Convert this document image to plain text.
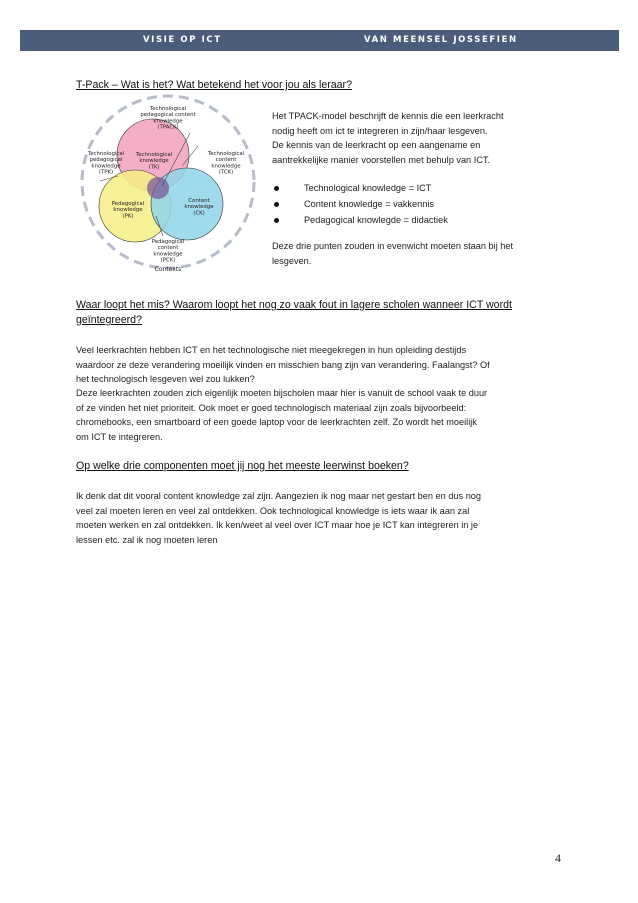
VISIE OP ICT	VAN MEENSEL JOSSEFIEN
T-Pack – Wat is het? Wat betekend het voor jou als leraar?
Technological pedagogical content knowledge (TPACK)
Technological pedagogical knowledge (TPK)
Technological content knowledge (TCK)
Technological knowledge (TK)
Pedagogical knowledge (PK)
Content knowledge (CK)
Pedagogical content knowledge (PCK)
Contexts
Het TPACK-model beschrijft de kennis die een leerkracht
nodig heeft om ict te integreren in zijn/haar lesgeven.
De kennis van de leerkracht op een aangename en
aantrekkelijke manier voorstellen met behulp van ICT.
Technological knowledge = ICT
Content knowledge = vakkennis
Pedagogical knowlegde = didactiek
Deze drie punten zouden in evenwicht moeten staan bij het
lesgeven.
Waar loopt het mis? Waarom loopt het nog zo vaak fout in lagere scholen wanneer ICT wordt
geïntegreerd?
Veel leerkrachten hebben ICT en het technologische niet meegekregen in hun opleiding destijds
waardoor ze deze verandering moeilijk vinden en misschien bang zijn van verandering. Faalangst? Of
het technologisch lesgeven wel zou lukken?
Deze leerkrachten zouden zich eigenlijk moeten bijscholen maar hier is vanuit de school vaak te duur
of ze vinden het niet prioriteit. Ook moet er goed technologisch materiaal zijn zoals bijvoorbeeld:
chromebooks, een smartboard of een goede laptop voor de leerkrachten zelf. Zo wordt het moeilijk
om ICT te integreren.
Op welke drie componenten moet jij nog het meeste leerwinst boeken?
Ik denk dat dit vooral content knowledge zal zijn. Aangezien ik nog maar net gestart ben en dus nog
veel zal moeten leren en veel zal ontdekken. Ook technological knowledge is iets waar ik aan zal
moeten werken en zal ontdekken. Ik ken/weet al veel over ICT maar hoe je ICT kan integreren in je
lessen etc. zal ik nog moeten leren
4
